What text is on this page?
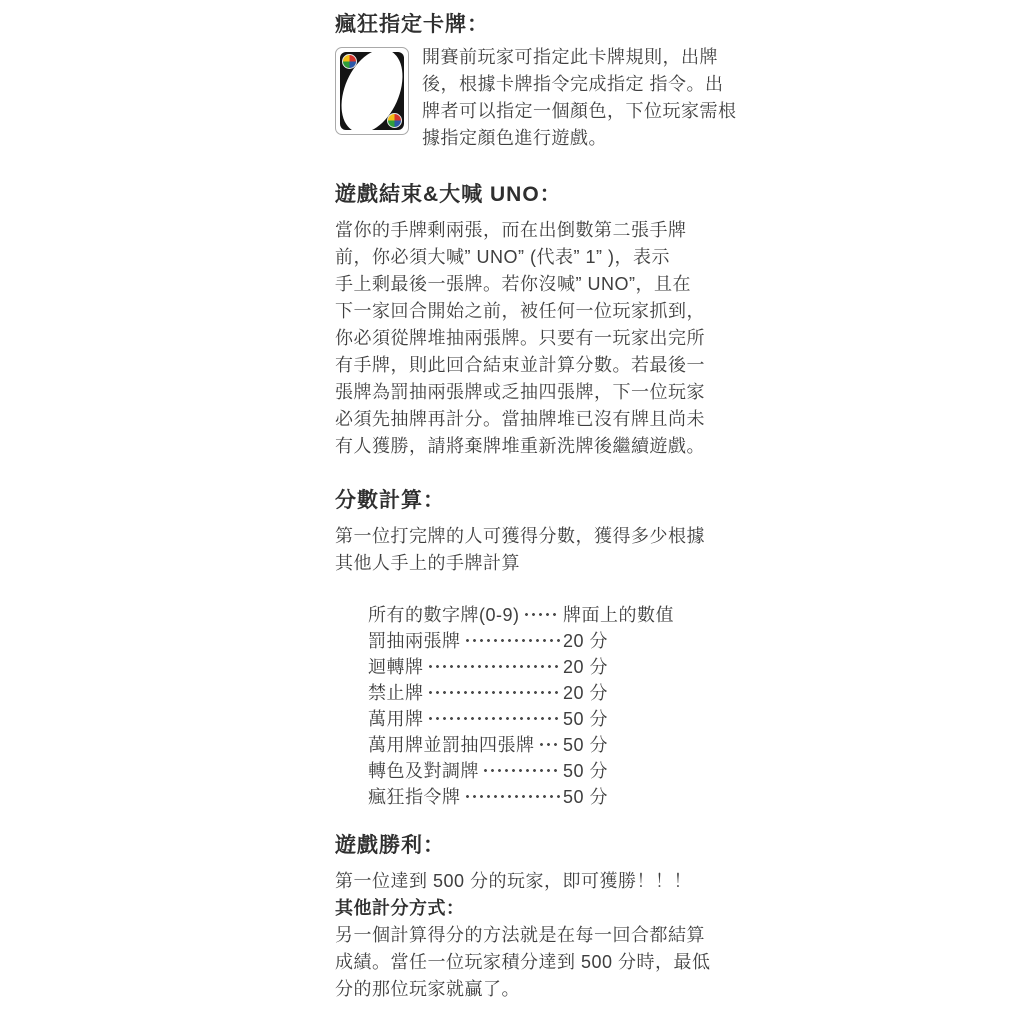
瘋狂指定卡牌：
開賽前玩家可指定此卡牌規則，出牌
後，根據卡牌指令完成指定 指令。出
牌者可以指定一個顏色，下位玩家需根
據指定顏色進行遊戲。
遊戲結束&大喊 UNO：
當你的手牌剩兩張，而在出倒數第二張手牌
前，你必須大喊” UNO” (代表” 1” )，表示
手上剩最後一張牌。若你沒喊” UNO”，且在
下一家回合開始之前，被任何一位玩家抓到，
你必須從牌堆抽兩張牌。只要有一玩家出完所
有手牌，則此回合結束並計算分數。若最後一
張牌為罰抽兩張牌或乏抽四張牌，下一位玩家
必須先抽牌再計分。當抽牌堆已沒有牌且尚未
有人獲勝，請將棄牌堆重新洗牌後繼續遊戲。
分數計算：
第一位打完牌的人可獲得分數，獲得多少根據
其他人手上的手牌計算
所有的數字牌(0-9) 牌面上的數值
罰抽兩張牌	20 分
迴轉牌	20 分
禁止牌	20 分
萬用牌	50 分
萬用牌並罰抽四張牌 50 分
轉色及對調牌	50 分
瘋狂指令牌	50 分
遊戲勝利：
第一位達到 500 分的玩家，即可獲勝！！！
其他計分方式：
另一個計算得分的方法就是在每一回合都結算
成績。當任一位玩家積分達到 500 分時，最低
分的那位玩家就贏了。
